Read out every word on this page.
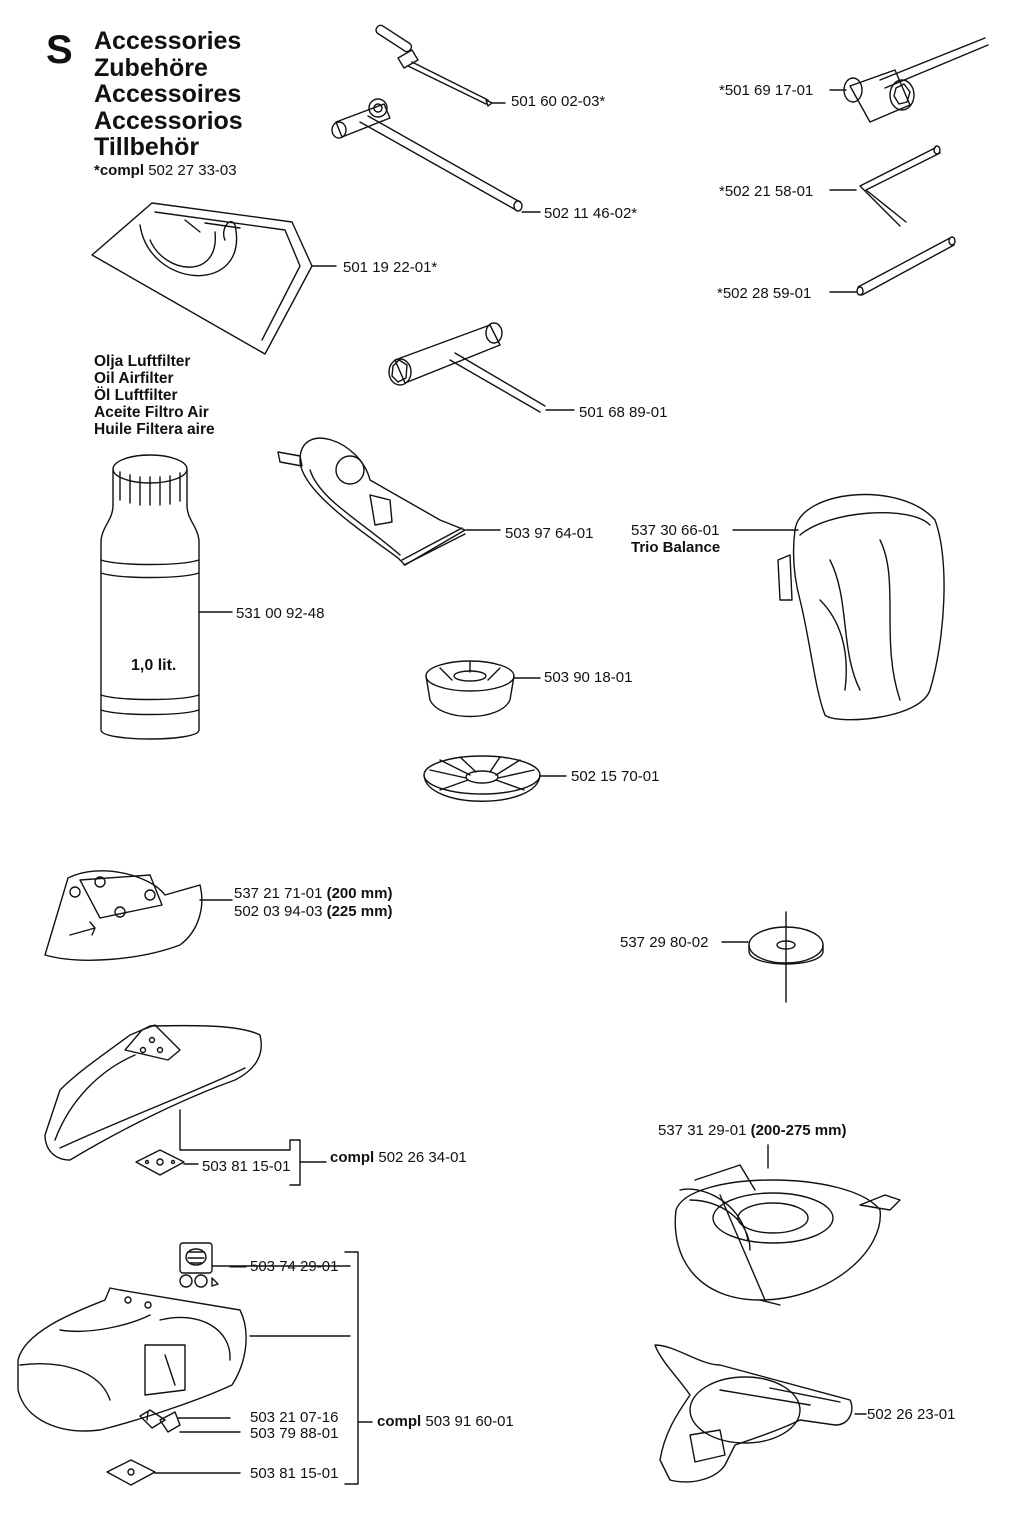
S Accessories
Zubehöre
Accessoires
Accessorios
Tillbehör
*compl 502 27 33-03
Olja Luftfilter
Oil Airfilter
Öl Luftfilter
Aceite Filtro Air
Huile Filtera aire
1,0 lit.
501 60 02-03*
502 11 46-02*
501 19 22-01*
501 68 89-01
503 97 64-01
531 00 92-48
503 90 18-01
502 15 70-01
*501 69 17-01
*502 21 58-01
*502 28 59-01
537 30 66-01
Trio Balance
537 21 71-01 (200 mm)
502 03 94-03 (225 mm)
537 29 80-02
503 81 15-01
compl 502 26 34-01
537 31 29-01 (200-275 mm)
503 74 29-01
503 21 07-16
503 79 88-01
503 81 15-01
compl 503 91 60-01	502 26 23-01
